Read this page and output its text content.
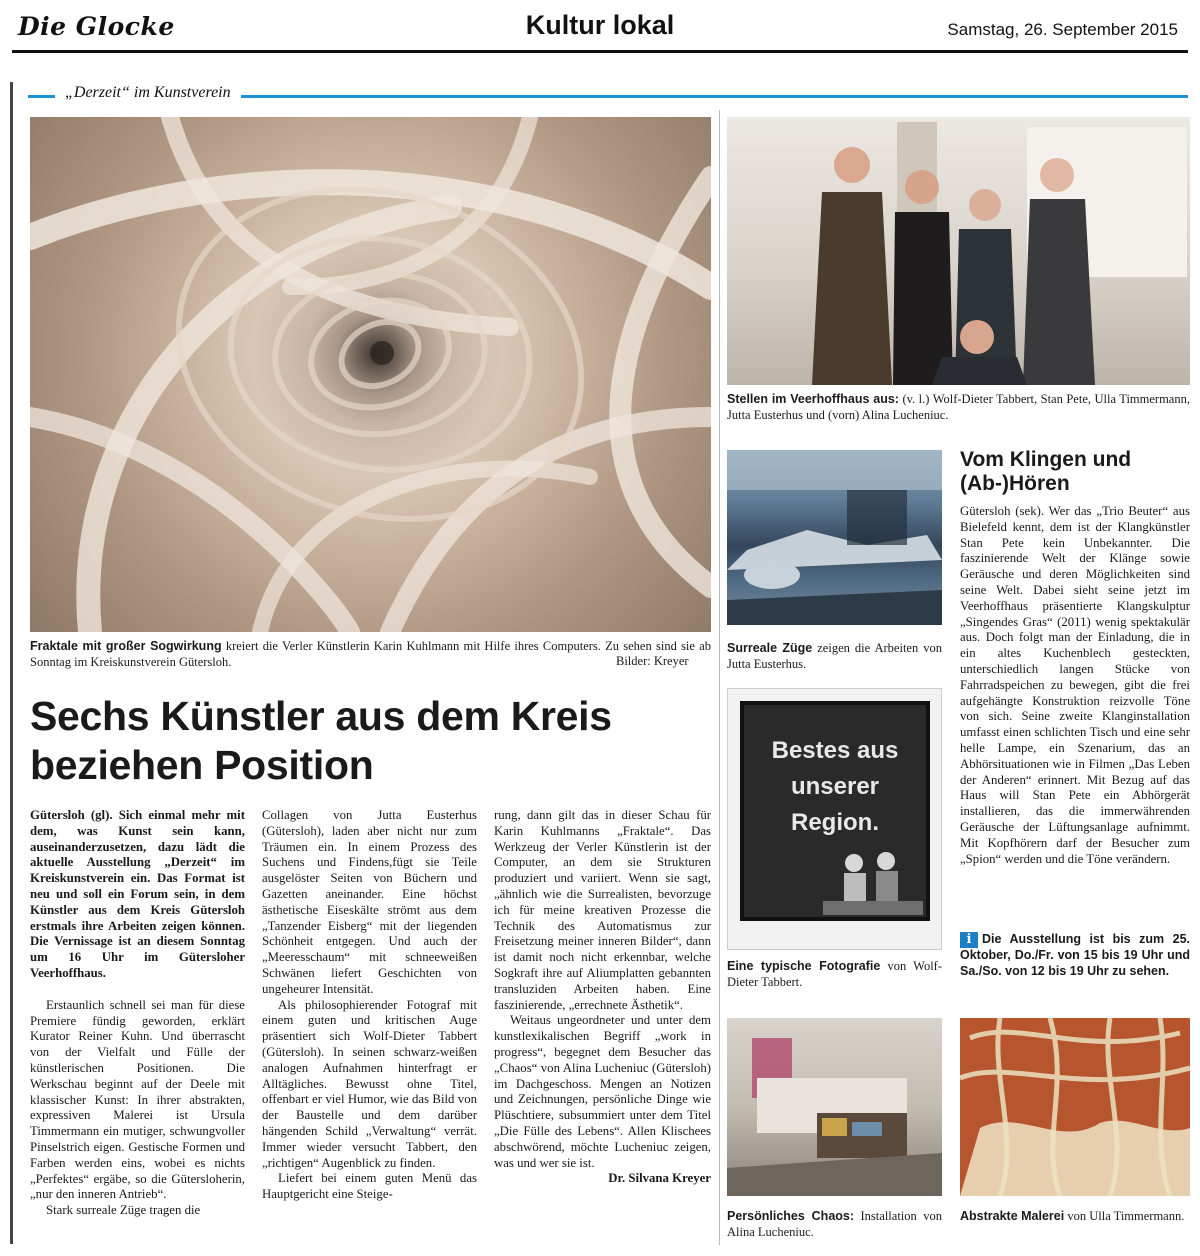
Die Glocke	Kultur lokal	Samstag, 26. September 2015
„Derzeit“ im Kunstverein
Fraktale mit großer Sogwirkung kreiert die Verler Künstlerin Karin Kuhlmann mit Hilfe ihres Computers. Zu sehen sind sie ab Sonntag im Kreiskunstverein Gütersloh.	Bilder: Kreyer
Stellen im Veerhoffhaus aus: (v. l.) Wolf-Dieter Tabbert, Stan Pete, Ulla Timmermann, Jutta Eusterhus und (vorn) Alina Lucheniuc.
Surreale Züge zeigen die Arbeiten von Jutta Eusterhus.
Bestes aus
unserer
Region.
Eine typische Fotografie von Wolf-Dieter Tabbert.
Persönliches Chaos: Installation von Alina Lucheniuc.
Abstrakte Malerei von Ulla Timmermann.
Sechs Künstler aus dem Kreis beziehen Position

Gütersloh (gl). Sich einmal mehr mit dem, was Kunst sein kann, auseinanderzusetzen, dazu lädt die aktuelle Ausstellung „Derzeit“ im Kreiskunstverein ein. Das Format ist neu und soll ein Forum sein, in dem Künstler aus dem Kreis Gütersloh erstmals ihre Arbeiten zeigen können. Die Vernissage ist an diesem Sonntag um 16 Uhr im Gütersloher Veerhoffhaus.

Erstaunlich schnell sei man für diese Premiere fündig geworden, erklärt Kurator Reiner Kuhn. Und überrascht von der Vielfalt und Fülle der künstlerischen Positionen. Die Werkschau beginnt auf der Deele mit klassischer Kunst: In ihrer abstrakten, expressiven Malerei ist Ursula Timmermann ein mutiger, schwungvoller Pinselstrich eigen. Gestische Formen und Farben werden eins, wobei es nichts „Perfektes“ ergäbe, so die Gütersloherin, „nur den inneren Antrieb“.

Stark surreale Züge tragen die

Collagen von Jutta Eusterhus (Gütersloh), laden aber nicht nur zum Träumen ein. In einem Prozess des Suchens und Findens,fügt sie Teile ausgelöster Seiten von Büchern und Gazetten aneinander. Eine höchst ästhetische Eiseskälte strömt aus dem „Tanzender Eisberg“ mit der liegenden Schönheit entgegen. Und auch der „Meeresschaum“ mit schneeweißen Schwänen liefert Geschichten von ungeheurer Intensität.

Als philosophierender Fotograf mit einem guten und kritischen Auge präsentiert sich Wolf-Dieter Tabbert (Gütersloh). In seinen schwarz-weißen analogen Aufnahmen hinterfragt er Alltägliches. Bewusst ohne Titel, offenbart er viel Humor, wie das Bild von der Baustelle und dem darüber hängenden Schild „Verwaltung“ verrät. Immer wieder versucht Tabbert, den „richtigen“ Augenblick zu finden.

Liefert bei einem guten Menü das Hauptgericht eine Steige-

rung, dann gilt das in dieser Schau für Karin Kuhlmanns „Fraktale“. Das Werkzeug der Verler Künstlerin ist der Computer, an dem sie Strukturen produziert und variiert. Wenn sie sagt, „ähnlich wie die Surrealisten, bevorzuge ich für meine kreativen Prozesse die Technik des Automatismus zur Freisetzung meiner inneren Bilder“, dann ist damit noch nicht erkennbar, welche Sogkraft ihre auf Aliumplatten gebannten transluziden Arbeiten haben. Eine faszinierende, „errechnete Ästhetik“.

Weitaus ungeordneter und unter dem kunstlexikalischen Begriff „work in progress“, begegnet dem Besucher das „Chaos“ von Alina Lucheniuc (Gütersloh) im Dachgeschoss. Mengen an Notizen und Zeichnungen, persönliche Dinge wie Plüschtiere, subsummiert unter dem Titel „Die Fülle des Lebens“. Allen Klischees abschwörend, möchte Lucheniuc zeigen, was und wer sie ist.

Dr. Silvana Kreyer
Vom Klingen und (Ab-)Hören

Gütersloh (sek). Wer das „Trio Beuter“ aus Bielefeld kennt, dem ist der Klangkünstler Stan Pete kein Unbekannter. Die faszinierende Welt der Klänge sowie Geräusche und deren Möglichkeiten sind seine Welt. Dabei sieht seine jetzt im Veerhoffhaus präsentierte Klangskulptur „Singendes Gras“ (2011) wenig spektakulär aus. Doch folgt man der Einladung, die in ein altes Kuchenblech gesteckten, unterschiedlich langen Stücke von Fahrradspeichen zu bewegen, gibt die frei aufgehängte Konstruktion reizvolle Töne von sich. Seine zweite Klanginstallation umfasst einen schlichten Tisch und eine sehr helle Lampe, ein Szenarium, das an Abhörsituationen wie in Filmen „Das Leben der Anderen“ erinnert. Mit Bezug auf das Haus will Stan Pete ein Abhörgerät installieren, das die immerwährenden Geräusche der Lüftungsanlage aufnimmt. Mit Kopfhörern darf der Besucher zum „Spion“ werden und die Töne verändern.

i Die Ausstellung ist bis zum 25. Oktober, Do./Fr. von 15 bis 19 Uhr und Sa./So. von 12 bis 19 Uhr zu sehen.
